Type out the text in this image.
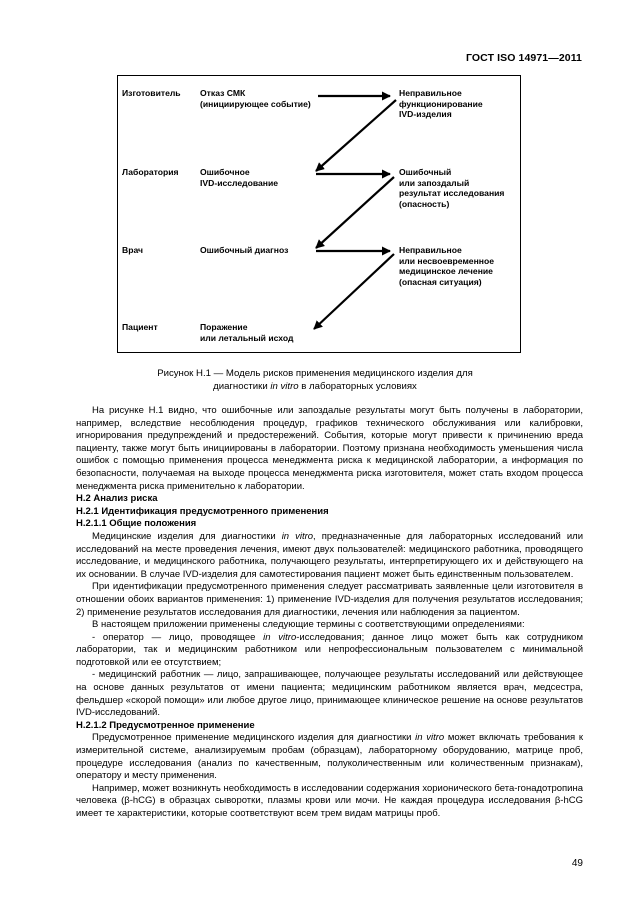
ГОСТ ISO 14971—2011
Изготовитель
Лаборатория
Врач
Пациент
Отказ СМК
(инициирующее событие)
Ошибочное
IVD-исследование
Ошибочный диагноз
Поражение
или летальный исход
Неправильное
функционирование
IVD-изделия
Ошибочный
или запоздалый
результат исследования
(опасность)
Неправильное
или несвоевременное
медицинское лечение
(опасная ситуация)
Рисунок Н.1 — Модель рисков применения медицинского изделия для
диагностики in vitro в лабораторных условиях

На рисунке Н.1 видно, что ошибочные или запоздалые результаты могут быть получены в лаборатории, например, вследствие несоблюдения процедур, графиков технического обслуживания или калибровки, игнорирования предупреждений и предостережений. События, которые могут привести к причинению вреда пациенту, также могут быть инициированы в лаборатории. Поэтому признана необходимость уменьшения числа ошибок с помощью применения процесса менеджмента риска к медицинской лаборатории, а информация по безопасности, получаемая на выходе процесса менеджмента риска изготовителя, может стать входом процесса менеджмента риска применительно к лаборатории.

Н.2 Анализ риска
Н.2.1 Идентификация предусмотренного применения
Н.2.1.1 Общие положения

Медицинские изделия для диагностики in vitro, предназначенные для лабораторных исследований или исследований на месте проведения лечения, имеют двух пользователей: медицинского работника, проводящего исследование, и медицинского работника, получающего результаты, интерпретирующего их и действующего на их основании. В случае IVD-изделия для самотестирования пациент может быть единственным пользователем.

При идентификации предусмотренного применения следует рассматривать заявленные цели изготовителя в отношении обоих вариантов применения: 1) применение IVD-изделия для получения результатов исследования; 2) применение результатов исследования для диагностики, лечения или наблюдения за пациентом.

В настоящем приложении применены следующие термины с соответствующими определениями:

- оператор — лицо, проводящее in vitro-исследования; данное лицо может быть как сотрудником лаборатории, так и медицинским работником или непрофессиональным пользователем с минимальной подготовкой или ее отсутствием;

- медицинский работник — лицо, запрашивающее, получающее результаты исследований или действующее на основе данных результатов от имени пациента; медицинским работником является врач, медсестра, фельдшер «скорой помощи» или любое другое лицо, принимающее клиническое решение на основе результатов IVD-исследований.

Н.2.1.2 Предусмотренное применение

Предусмотренное применение медицинского изделия для диагностики in vitro может включать требования к измерительной системе, анализируемым пробам (образцам), лабораторному оборудованию, матрице проб, процедуре исследования (анализ по качественным, полуколичественным или количественным признакам), оператору и месту применения.

Например, может возникнуть необходимость в исследовании содержания хорионического бета-гонадотропина человека (β-hCG) в образцах сыворотки, плазмы крови или мочи. Не каждая процедура исследования β-hCG имеет те характеристики, которые соответствуют всем трем видам матрицы проб.

49
